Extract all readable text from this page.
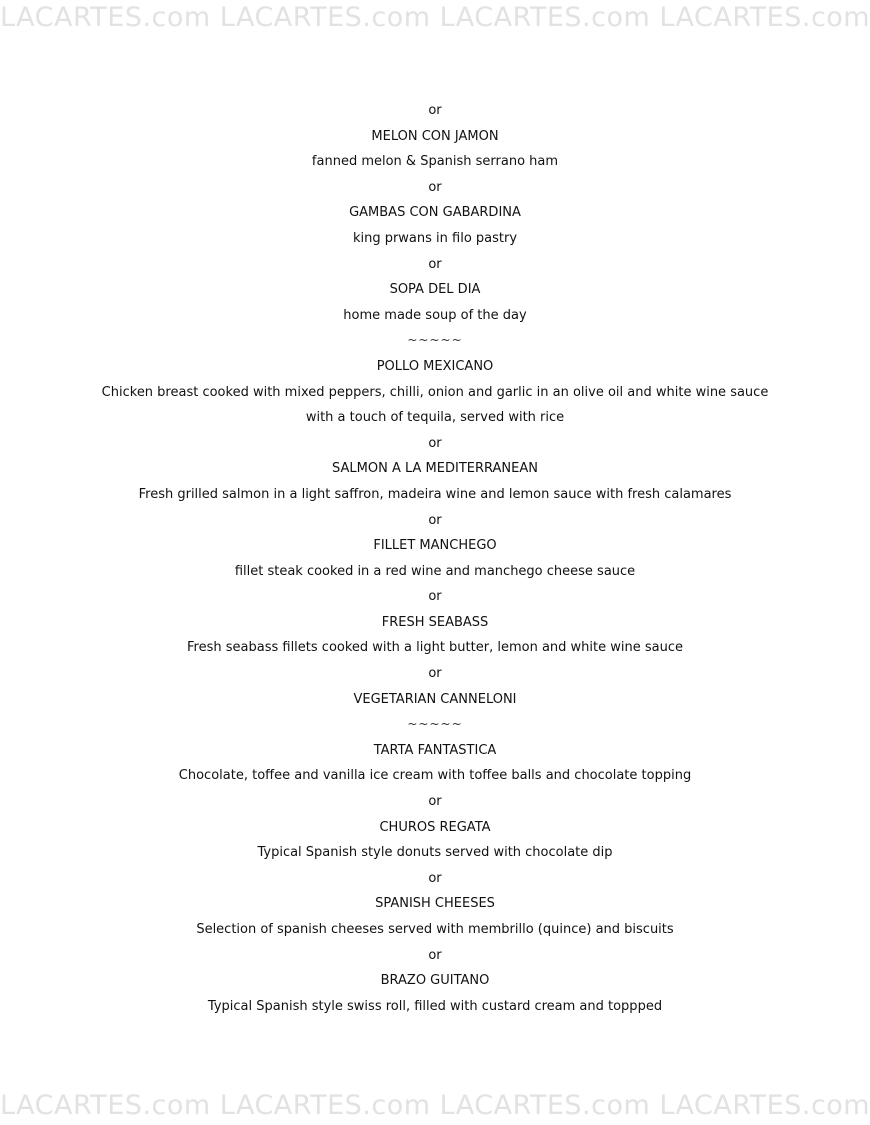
LACARTES.com LACARTES.com LACARTES.com LACARTES.com
or
MELON CON JAMON
fanned melon & Spanish serrano ham
or
GAMBAS CON GABARDINA
king prwans in filo pastry
or
SOPA DEL DIA
home made soup of the day
~~~~~
POLLO MEXICANO
Chicken breast cooked with mixed peppers, chilli, onion and garlic in an olive oil and white wine sauce
with a touch of tequila, served with rice
or
SALMON A LA MEDITERRANEAN
Fresh grilled salmon in a light saffron, madeira wine and lemon sauce with fresh calamares
or
FILLET MANCHEGO
fillet steak cooked in a red wine and manchego cheese sauce
or
FRESH SEABASS
Fresh seabass fillets cooked with a light butter, lemon and white wine sauce
or
VEGETARIAN CANNELONI
~~~~~
TARTA FANTASTICA
Chocolate, toffee and vanilla ice cream with toffee balls and chocolate topping
or
CHUROS REGATA
Typical Spanish style donuts served with chocolate dip
or
SPANISH CHEESES
Selection of spanish cheeses served with membrillo (quince) and biscuits
or
BRAZO GUITANO
Typical Spanish style swiss roll, filled with custard cream and toppped
LACARTES.com LACARTES.com LACARTES.com LACARTES.com
